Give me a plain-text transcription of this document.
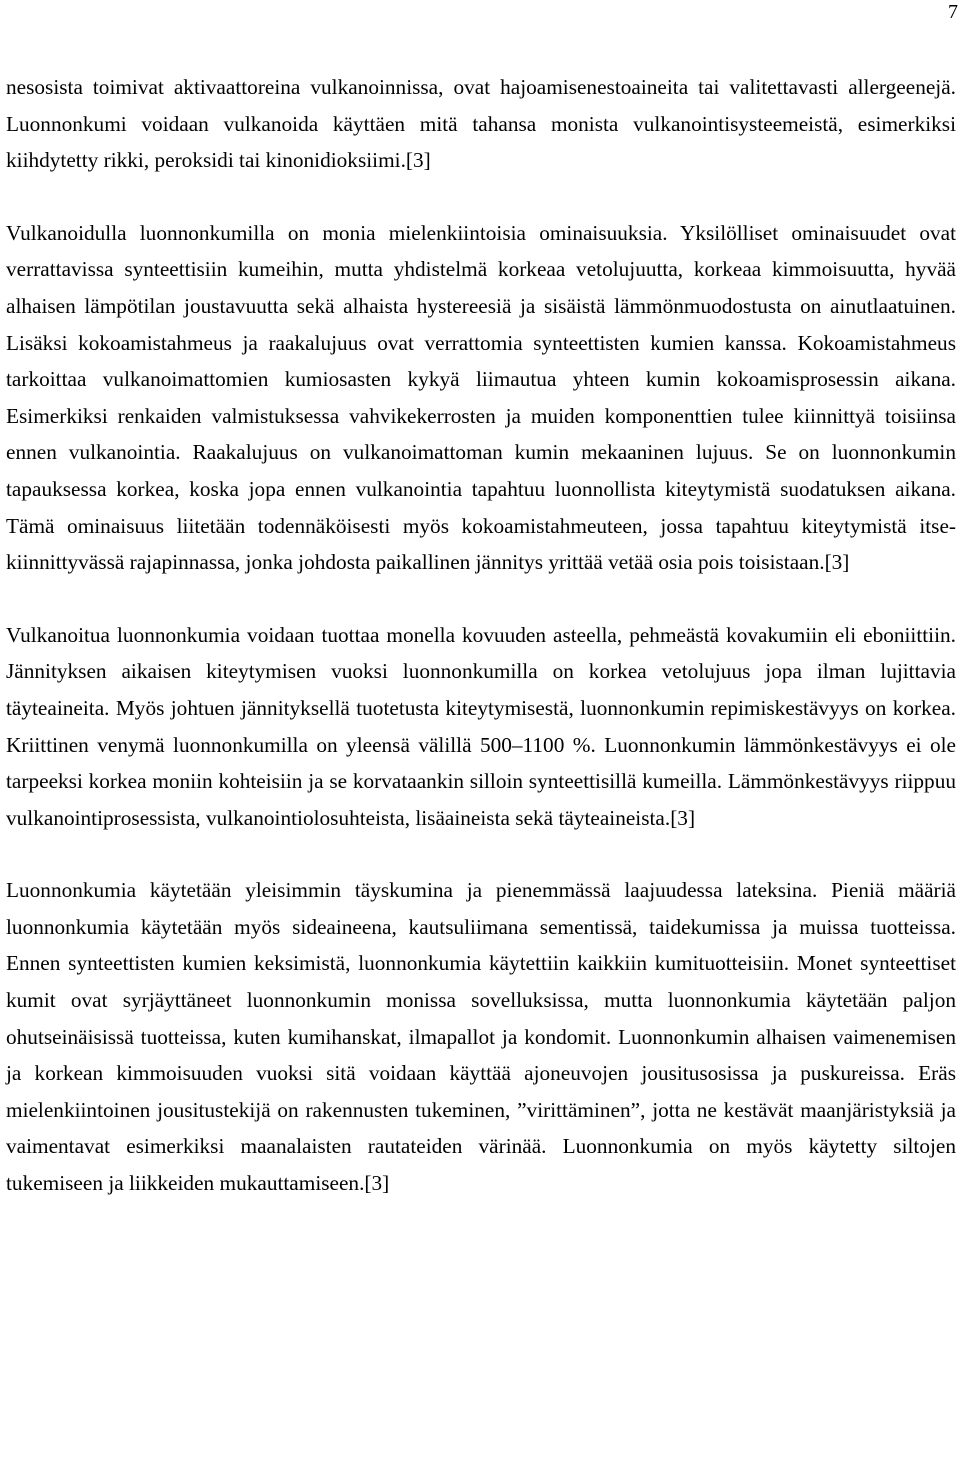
7

nesosista toimivat aktivaattoreina vulkanoinnissa, ovat hajoamisenestoaineita tai valitettavasti allergeenejä. Luonnonkumi voidaan vulkanoida käyttäen mitä tahansa monista vulkanointisysteemeistä, esimerkiksi kiihdytetty rikki, peroksidi tai kinonidioksiimi.[3]

Vulkanoidulla luonnonkumilla on monia mielenkiintoisia ominaisuuksia. Yksilölliset ominaisuudet ovat verrattavissa synteettisiin kumeihin, mutta yhdistelmä korkeaa vetolujuutta, korkeaa kimmoisuutta, hyvää alhaisen lämpötilan joustavuutta sekä alhaista hystereesiä ja sisäistä lämmönmuodostusta on ainutlaatuinen. Lisäksi kokoamistahmeus ja raakalujuus ovat verrattomia synteettisten kumien kanssa. Kokoamistahmeus tarkoittaa vulkanoimattomien kumiosasten kykyä liimautua yhteen kumin kokoamisprosessin aikana. Esimerkiksi renkaiden valmistuksessa vahvikekerrosten ja muiden komponenttien tulee kiinnittyä toisiinsa ennen vulkanointia. Raakalujuus on vulkanoimattoman kumin mekaaninen lujuus. Se on luonnonkumin tapauksessa korkea, koska jopa ennen vulkanointia tapahtuu luonnollista kiteytymistä suodatuksen aikana. Tämä ominaisuus liitetään todennäköisesti myös kokoamistahmeuteen, jossa tapahtuu kiteytymistä itsekiinnittyvässä rajapinnassa, jonka johdosta paikallinen jännitys yrittää vetää osia pois toisistaan.[3]

Vulkanoitua luonnonkumia voidaan tuottaa monella kovuuden asteella, pehmeästä kovakumiin eli eboniittiin. Jännityksen aikaisen kiteytymisen vuoksi luonnonkumilla on korkea vetolujuus jopa ilman lujittavia täyteaineita. Myös johtuen jännityksellä tuotetusta kiteytymisestä, luonnonkumin repimiskestävyys on korkea. Kriittinen venymä luonnonkumilla on yleensä välillä 500–1100 %. Luonnonkumin lämmönkestävyys ei ole tarpeeksi korkea moniin kohteisiin ja se korvataankin silloin synteettisillä kumeilla. Lämmönkestävyys riippuu vulkanointiprosessista, vulkanointiolosuhteista, lisäaineista sekä täyteaineista.[3]

Luonnonkumia käytetään yleisimmin täyskumina ja pienemmässä laajuudessa lateksina. Pieniä määriä luonnonkumia käytetään myös sideaineena, kautsuliimana sementissä, taidekumissa ja muissa tuotteissa. Ennen synteettisten kumien keksimistä, luonnonkumia käytettiin kaikkiin kumituotteisiin. Monet synteettiset kumit ovat syrjäyttäneet luonnonkumin monissa sovelluksissa, mutta luonnonkumia käytetään paljon ohutseinäisissä tuotteissa, kuten kumihanskat, ilmapallot ja kondomit. Luonnonkumin alhaisen vaimenemisen ja korkean kimmoisuuden vuoksi sitä voidaan käyttää ajoneuvojen jousitusosissa ja puskureissa. Eräs mielenkiintoinen jousitustekijä on rakennusten tukeminen, ”virittäminen”, jotta ne kestävät maanjäristyksiä ja vaimentavat esimerkiksi maanalaisten rautateiden värinää. Luonnonkumia on myös käytetty siltojen tukemiseen ja liikkeiden mukauttamiseen.[3]
